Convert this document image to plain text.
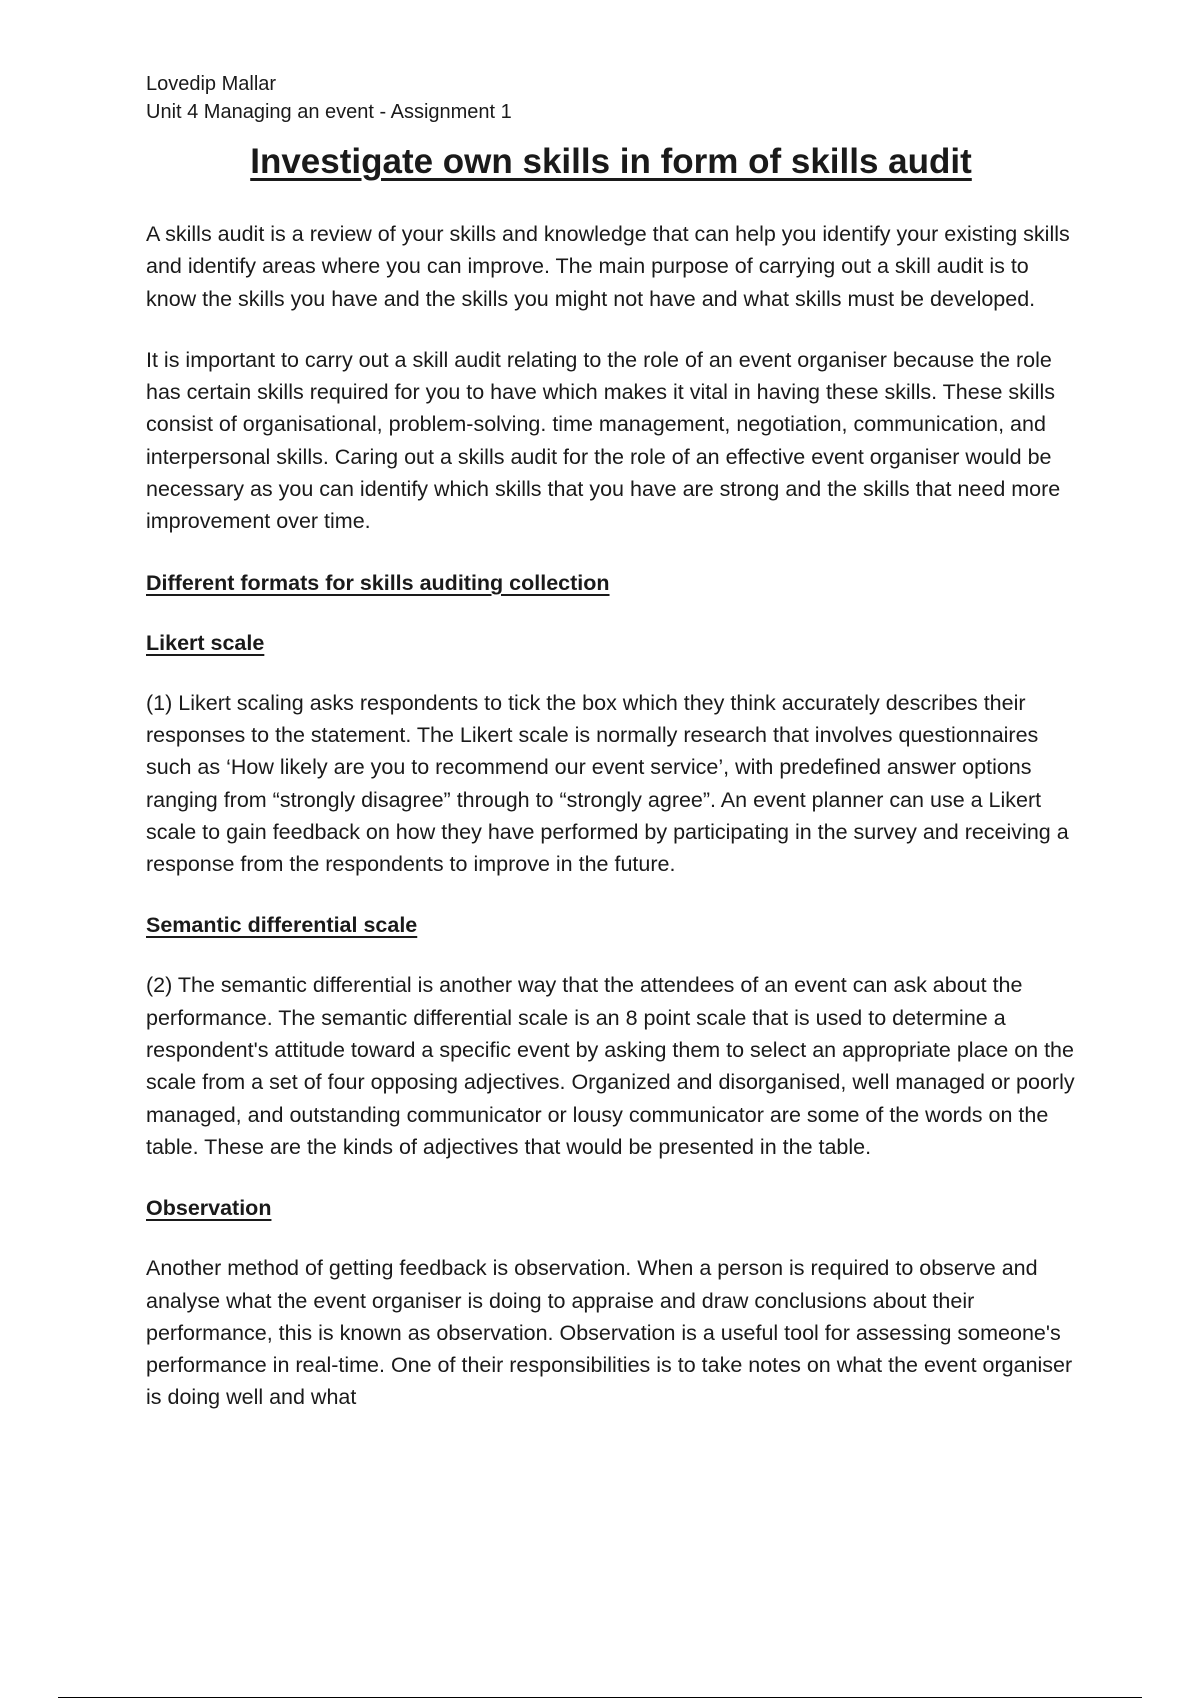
Lovedip Mallar

Unit 4 Managing an event - Assignment 1

Investigate own skills in form of skills audit

A skills audit is a review of your skills and knowledge that can help you identify your existing skills and identify areas where you can improve. The main purpose of carrying out a skill audit is to know the skills you have and the skills you might not have and what skills must be developed.

It is important to carry out a skill audit relating to the role of an event organiser because the role has certain skills required for you to have which makes it vital in having these skills. These skills consist of organisational, problem-solving. time management, negotiation, communication, and interpersonal skills. Caring out a skills audit for the role of an effective event organiser would be necessary as you can identify which skills that you have are strong and the skills that need more improvement over time.

Different formats for skills auditing collection
Likert scale

(1) Likert scaling asks respondents to tick the box which they think accurately describes their responses to the statement. The Likert scale is normally research that involves questionnaires such as ‘How likely are you to recommend our event service’, with predefined answer options ranging from “strongly disagree” through to “strongly agree”. An event planner can use a Likert scale to gain feedback on how they have performed by participating in the survey and receiving a response from the respondents to improve in the future.

Semantic differential scale

(2) The semantic differential is another way that the attendees of an event can ask about the performance. The semantic differential scale is an 8 point scale that is used to determine a respondent's attitude toward a specific event by asking them to select an appropriate place on the scale from a set of four opposing adjectives. Organized and disorganised, well managed or poorly managed, and outstanding communicator or lousy communicator are some of the words on the table. These are the kinds of adjectives that would be presented in the table.

Observation

Another method of getting feedback is observation. When a person is required to observe and analyse what the event organiser is doing to appraise and draw conclusions about their performance, this is known as observation. Observation is a useful tool for assessing someone's performance in real-time. One of their responsibilities is to take notes on what the event organiser is doing well and what
